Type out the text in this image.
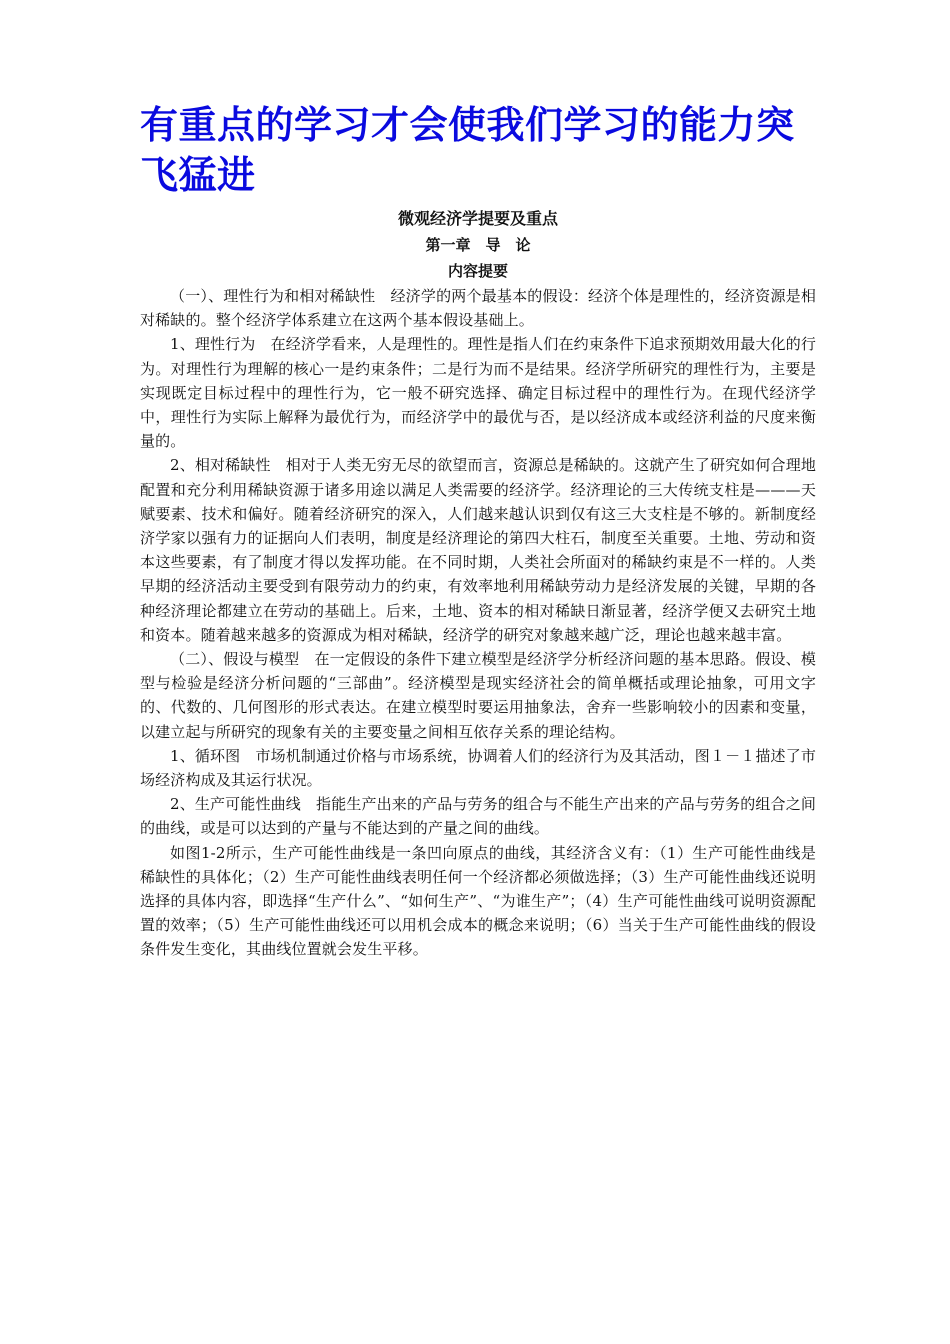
有重点的学习才会使我们学习的能力突飞猛进
微观经济学提要及重点
第一章　导　论
内容提要

（一）、理性行为和相对稀缺性　经济学的两个最基本的假设：经济个体是理性的，经济资源是相对稀缺的。整个经济学体系建立在这两个基本假设基础上。

1、理性行为　在经济学看来，人是理性的。理性是指人们在约束条件下追求预期效用最大化的行为。对理性行为理解的核心一是约束条件；二是行为而不是结果。经济学所研究的理性行为，主要是实现既定目标过程中的理性行为，它一般不研究选择、确定目标过程中的理性行为。在现代经济学中，理性行为实际上解释为最优行为，而经济学中的最优与否，是以经济成本或经济利益的尺度来衡量的。

2、相对稀缺性　相对于人类无穷无尽的欲望而言，资源总是稀缺的。这就产生了研究如何合理地配置和充分利用稀缺资源于诸多用途以满足人类需要的经济学。经济理论的三大传统支柱是———天赋要素、技术和偏好。随着经济研究的深入，人们越来越认识到仅有这三大支柱是不够的。新制度经济学家以强有力的证据向人们表明，制度是经济理论的第四大柱石，制度至关重要。土地、劳动和资本这些要素，有了制度才得以发挥功能。在不同时期，人类社会所面对的稀缺约束是不一样的。人类早期的经济活动主要受到有限劳动力的约束，有效率地利用稀缺劳动力是经济发展的关键，早期的各种经济理论都建立在劳动的基础上。后来，土地、资本的相对稀缺日渐显著，经济学便又去研究土地和资本。随着越来越多的资源成为相对稀缺，经济学的研究对象越来越广泛，理论也越来越丰富。

（二）、假设与模型　在一定假设的条件下建立模型是经济学分析经济问题的基本思路。假设、模型与检验是经济分析问题的“三部曲”。经济模型是现实经济社会的简单概括或理论抽象，可用文字的、代数的、几何图形的形式表达。在建立模型时要运用抽象法，舍弃一些影响较小的因素和变量，以建立起与所研究的现象有关的主要变量之间相互依存关系的理论结构。

1、循环图　市场机制通过价格与市场系统，协调着人们的经济行为及其活动，图１－１描述了市场经济构成及其运行状况。

2、生产可能性曲线　指能生产出来的产品与劳务的组合与不能生产出来的产品与劳务的组合之间的曲线，或是可以达到的产量与不能达到的产量之间的曲线。

如图1-2所示，生产可能性曲线是一条凹向原点的曲线，其经济含义有：（1）生产可能性曲线是稀缺性的具体化；（2）生产可能性曲线表明任何一个经济都必须做选择；（3）生产可能性曲线还说明选择的具体内容，即选择“生产什么”、“如何生产”、“为谁生产”；（4）生产可能性曲线可说明资源配置的效率；（5）生产可能性曲线还可以用机会成本的概念来说明；（6）当关于生产可能性曲线的假设条件发生变化，其曲线位置就会发生平移。
